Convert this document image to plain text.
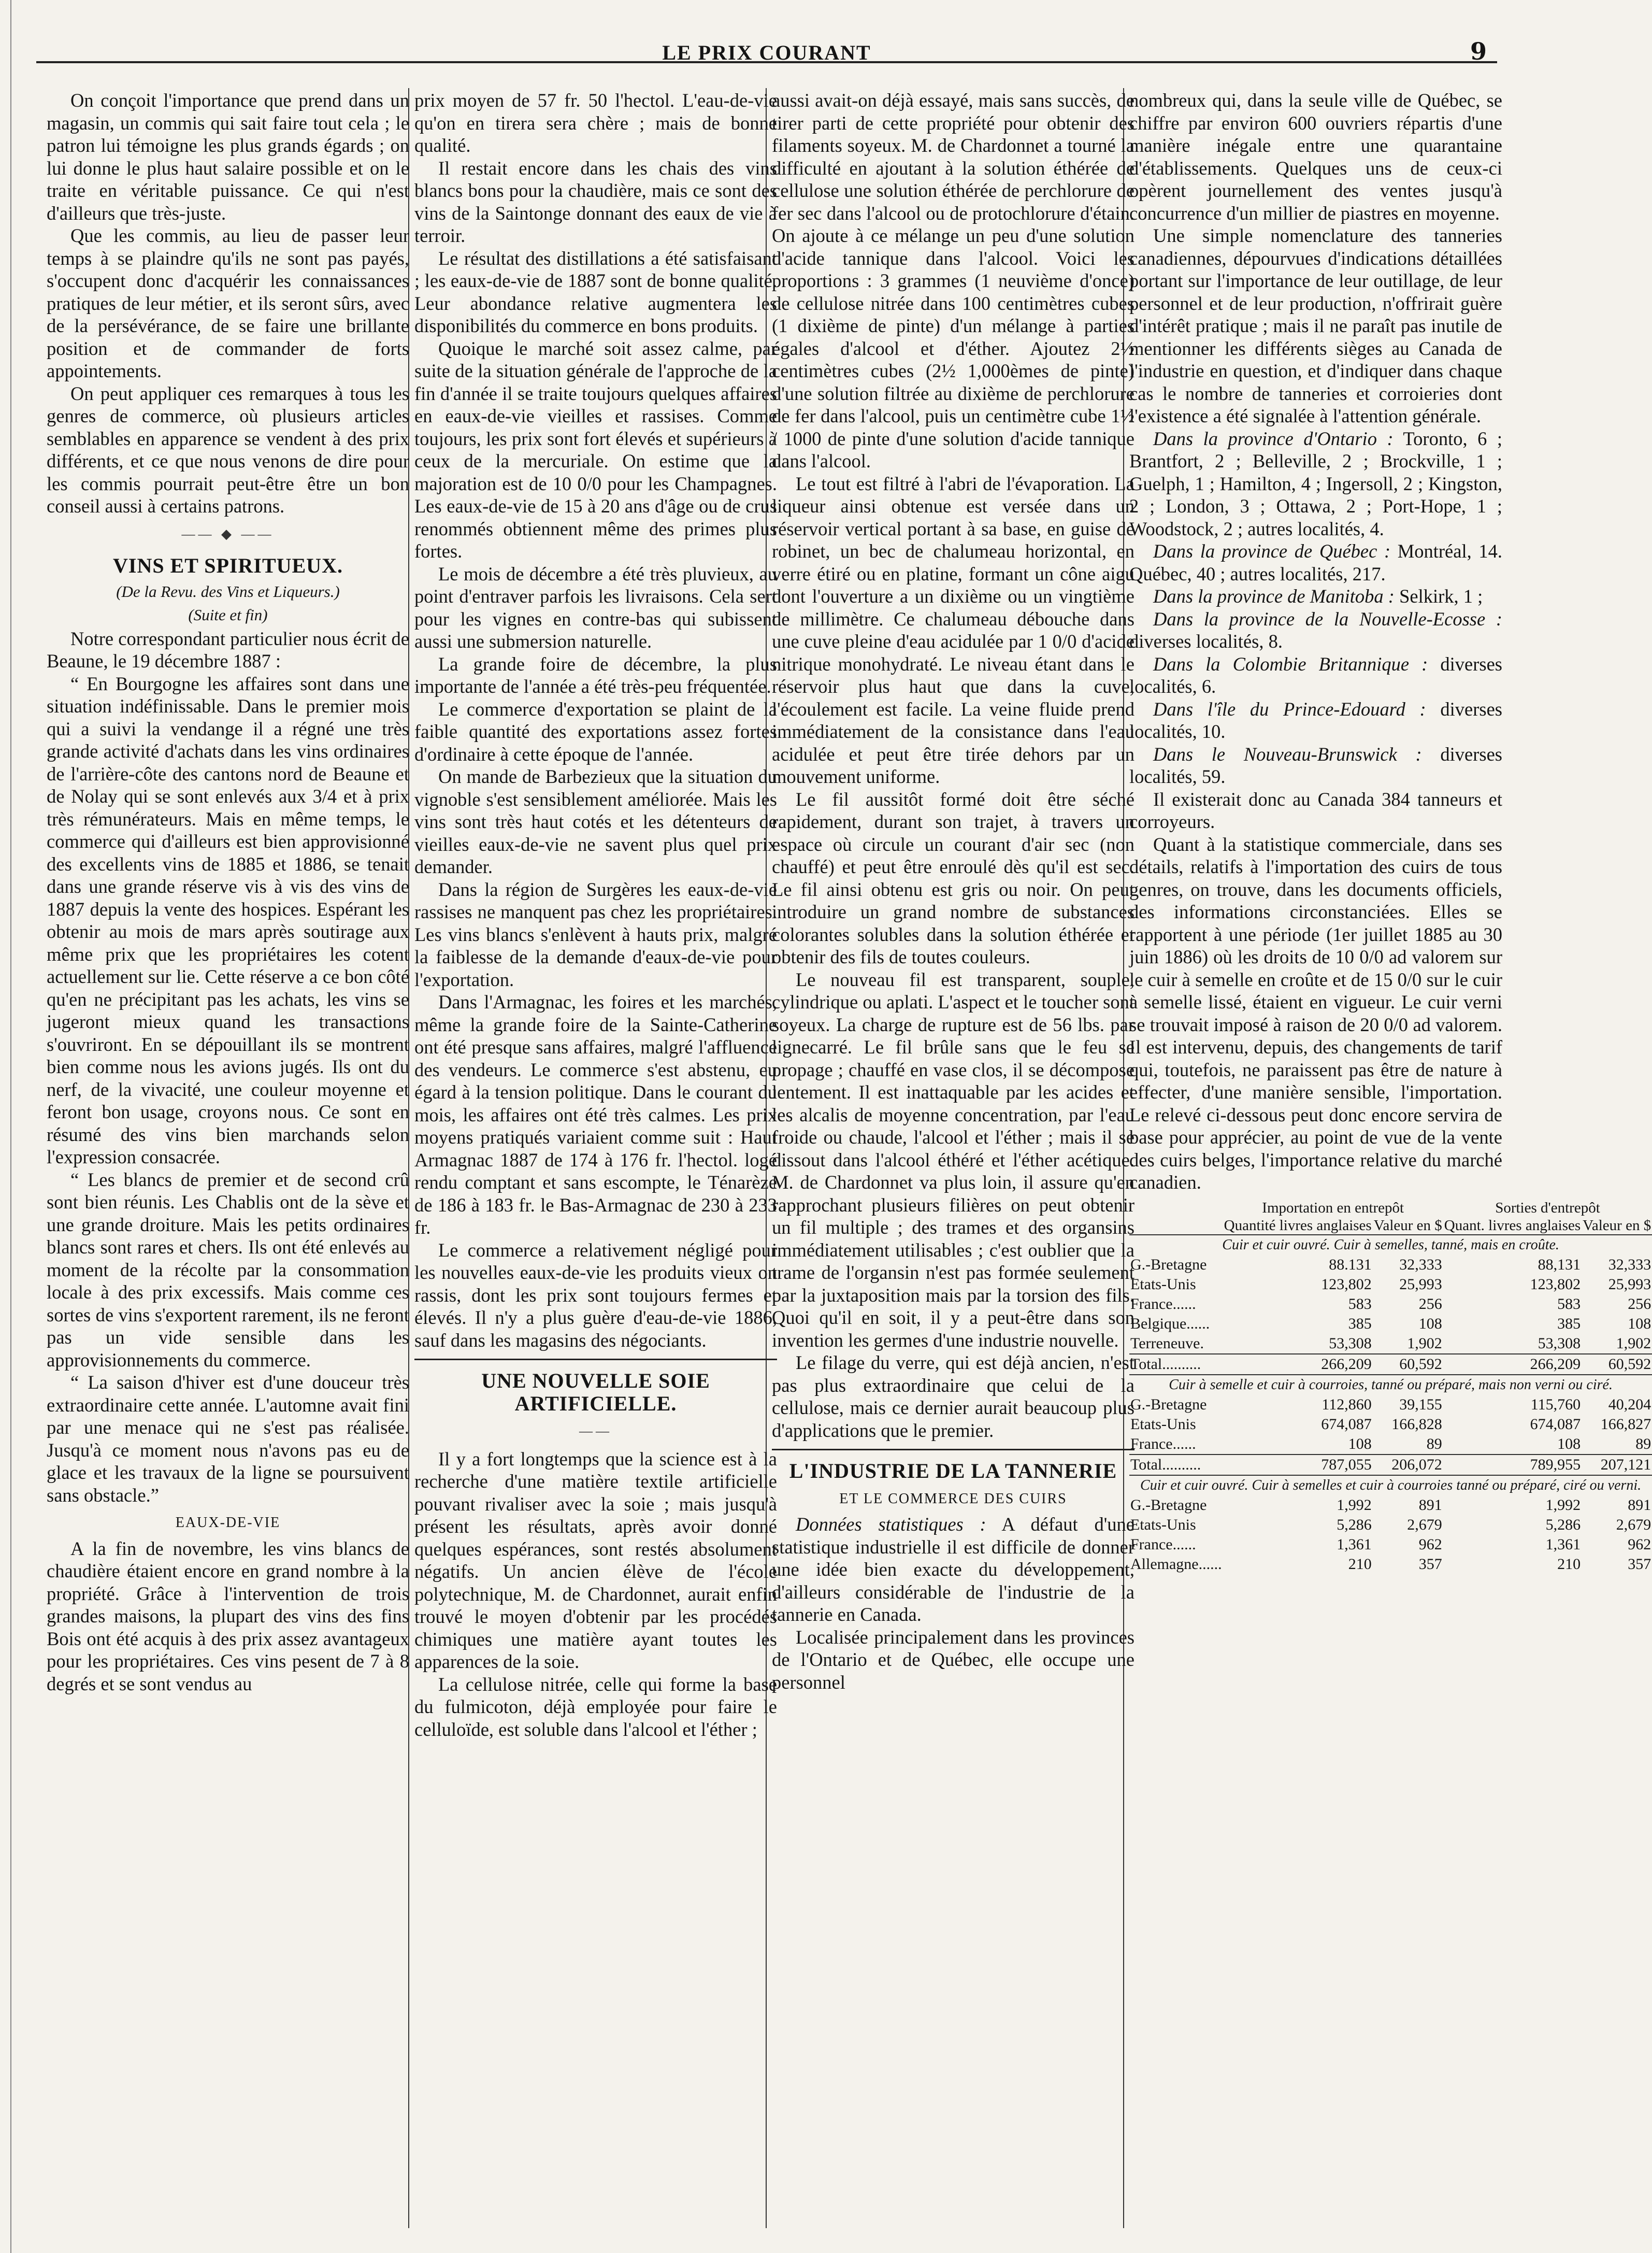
LE PRIX COURANT	9

On conçoit l'importance que prend dans un magasin, un commis qui sait faire tout cela ; le patron lui témoigne les plus grands égards ; on lui donne le plus haut salaire possible et on le traite en véritable puissance. Ce qui n'est d'ailleurs que très-juste.

Que les commis, au lieu de passer leur temps à se plaindre qu'ils ne sont pas payés, s'occupent donc d'acquérir les connaissances pratiques de leur métier, et ils seront sûrs, avec de la persévérance, de se faire une brillante position et de commander de forts appointements.

On peut appliquer ces remarques à tous les genres de commerce, où plusieurs articles semblables en apparence se vendent à des prix différents, et ce que nous venons de dire pour les commis pourrait peut-être être un bon conseil aussi à certains patrons.

—— ◆ ——
VINS ET SPIRITUEUX.
(De la Revu. des Vins et Liqueurs.)
(Suite et fin)

Notre correspondant particulier nous écrit de Beaune, le 19 décembre 1887 :

“ En Bourgogne les affaires sont dans une situation indéfinissable. Dans le premier mois qui a suivi la vendange il a régné une très grande activité d'achats dans les vins ordinaires de l'arrière-côte des cantons nord de Beaune et de Nolay qui se sont enlevés aux 3/4 et à prix très rémunérateurs. Mais en même temps, le commerce qui d'ailleurs est bien approvisionné des excellents vins de 1885 et 1886, se tenait dans une grande réserve vis à vis des vins de 1887 depuis la vente des hospices. Espérant les obtenir au mois de mars après soutirage aux même prix que les propriétaires les cotent actuellement sur lie. Cette réserve a ce bon côté qu'en ne précipitant pas les achats, les vins se jugeront mieux quand les transactions s'ouvriront. En se dépouillant ils se montrent bien comme nous les avions jugés. Ils ont du nerf, de la vivacité, une couleur moyenne et feront bon usage, croyons nous. Ce sont en résumé des vins bien marchands selon l'expression consacrée.

“ Les blancs de premier et de second crû sont bien réunis. Les Chablis ont de la sève et une grande droiture. Mais les petits ordinaires blancs sont rares et chers. Ils ont été enlevés au moment de la récolte par la consommation locale à des prix excessifs. Mais comme ces sortes de vins s'exportent rarement, ils ne feront pas un vide sensible dans les approvisionnements du commerce.

“ La saison d'hiver est d'une douceur très extraordinaire cette année. L'automne avait fini par une menace qui ne s'est pas réalisée. Jusqu'à ce moment nous n'avons pas eu de glace et les travaux de la ligne se poursuivent sans obstacle.”

EAUX-DE-VIE

A la fin de novembre, les vins blancs de chaudière étaient encore en grand nombre à la propriété. Grâce à l'intervention de trois grandes maisons, la plupart des vins des fins Bois ont été acquis à des prix assez avantageux pour les propriétaires. Ces vins pesent de 7 à 8 degrés et se sont vendus au

prix moyen de 57 fr. 50 l'hectol. L'eau-de-vie qu'on en tirera sera chère ; mais de bonne qualité.

Il restait encore dans les chais des vins blancs bons pour la chaudière, mais ce sont des vins de la Saintonge donnant des eaux de vie à terroir.

Le résultat des distillations a été satisfaisant ; les eaux-de-vie de 1887 sont de bonne qualité. Leur abondance relative augmentera les disponibilités du commerce en bons produits.

Quoique le marché soit assez calme, par suite de la situation générale de l'approche de la fin d'année il se traite toujours quelques affaires en eaux-de-vie vieilles et rassises. Comme toujours, les prix sont fort élevés et supérieurs à ceux de la mercuriale. On estime que la majoration est de 10 0/0 pour les Champagnes. Les eaux-de-vie de 15 à 20 ans d'âge ou de crus renommés obtiennent même des primes plus fortes.

Le mois de décembre a été très pluvieux, au point d'entraver parfois les livraisons. Cela sert pour les vignes en contre-bas qui subissent aussi une submersion naturelle.

La grande foire de décembre, la plus importante de l'année a été très-peu fréquentée.

Le commerce d'exportation se plaint de la faible quantité des exportations assez fortes d'ordinaire à cette époque de l'année.

On mande de Barbezieux que la situation du vignoble s'est sensiblement améliorée. Mais les vins sont très haut cotés et les détenteurs de vieilles eaux-de-vie ne savent plus quel prix demander.

Dans la région de Surgères les eaux-de-vie rassises ne manquent pas chez les propriétaires. Les vins blancs s'enlèvent à hauts prix, malgré la faiblesse de la demande d'eaux-de-vie pour l'exportation.

Dans l'Armagnac, les foires et les marchés, même la grande foire de la Sainte-Catherine ont été presque sans affaires, malgré l'affluence des vendeurs. Le commerce s'est abstenu, eu égard à la tension politique. Dans le courant du mois, les affaires ont été très calmes. Les prix moyens pratiqués variaient comme suit : Haut Armagnac 1887 de 174 à 176 fr. l'hectol. logé rendu comptant et sans escompte, le Ténarèze de 186 à 183 fr. le Bas-Armagnac de 230 à 233 fr.

Le commerce a relativement négligé pour les nouvelles eaux-de-vie les produits vieux on rassis, dont les prix sont toujours fermes et élevés. Il n'y a plus guère d'eau-de-vie 1886, sauf dans les magasins des négociants.

UNE NOUVELLE SOIE ARTIFICIELLE.
——

Il y a fort longtemps que la science est à la recherche d'une matière textile artificielle pouvant rivaliser avec la soie ; mais jusqu'à présent les résultats, après avoir donné quelques espérances, sont restés absolument négatifs. Un ancien élève de l'école polytechnique, M. de Chardonnet, aurait enfin trouvé le moyen d'obtenir par les procédés chimiques une matière ayant toutes les apparences de la soie.

La cellulose nitrée, celle qui forme la base du fulmicoton, déjà employée pour faire le celluloïde, est soluble dans l'alcool et l'éther ;

aussi avait-on déjà essayé, mais sans succès, de tirer parti de cette propriété pour obtenir des filaments soyeux. M. de Chardonnet a tourné la difficulté en ajoutant à la solution éthérée de cellulose une solution éthérée de perchlorure de fer sec dans l'alcool ou de protochlorure d'étain. On ajoute à ce mélange un peu d'une solution d'acide tannique dans l'alcool. Voici les proportions : 3 grammes (1 neuvième d'once) de cellulose nitrée dans 100 centimètres cubes (1 dixième de pinte) d'un mélange à parties égales d'alcool et d'éther. Ajoutez 2½ centimètres cubes (2½ 1,000èmes de pinte) d'une solution filtrée au dixième de perchlorure de fer dans l'alcool, puis un centimètre cube 1½ / 1000 de pinte d'une solution d'acide tannique dans l'alcool.

Le tout est filtré à l'abri de l'évaporation. La liqueur ainsi obtenue est versée dans un réservoir vertical portant à sa base, en guise de robinet, un bec de chalumeau horizontal, en verre étiré ou en platine, formant un cône aigu dont l'ouverture a un dixième ou un vingtième de millimètre. Ce chalumeau débouche dans une cuve pleine d'eau acidulée par 1 0/0 d'acide nitrique monohydraté. Le niveau étant dans le réservoir plus haut que dans la cuve, l'écoulement est facile. La veine fluide prend immédiatement de la consistance dans l'eau acidulée et peut être tirée dehors par un mouvement uniforme.

Le fil aussitôt formé doit être séché rapidement, durant son trajet, à travers un espace où circule un courant d'air sec (non chauffé) et peut être enroulé dès qu'il est sec. Le fil ainsi obtenu est gris ou noir. On peut introduire un grand nombre de substances colorantes solubles dans la solution éthérée et obtenir des fils de toutes couleurs.

Le nouveau fil est transparent, souple, cylindrique ou aplati. L'aspect et le toucher sont soyeux. La charge de rupture est de 56 lbs. par lignecarré. Le fil brûle sans que le feu se propage ; chauffé en vase clos, il se décompose lentement. Il est inattaquable par les acides et les alcalis de moyenne concentration, par l'eau froide ou chaude, l'alcool et l'éther ; mais il se dissout dans l'alcool éthéré et l'éther acétique. M. de Chardonnet va plus loin, il assure qu'en rapprochant plusieurs filières on peut obtenir un fil multiple ; des trames et des organsins immédiatement utilisables ; c'est oublier que la trame de l'organsin n'est pas formée seulement par la juxtaposition mais par la torsion des fils. Quoi qu'il en soit, il y a peut-être dans son invention les germes d'une industrie nouvelle.

Le filage du verre, qui est déjà ancien, n'est pas plus extraordinaire que celui de la cellulose, mais ce dernier aurait beaucoup plus d'applications que le premier.

L'INDUSTRIE DE LA TANNERIE
ET LE COMMERCE DES CUIRS

Données statistiques : A défaut d'une statistique industrielle il est difficile de donner une idée bien exacte du développement, d'ailleurs considérable de l'industrie de la tannerie en Canada.

Localisée principalement dans les provinces de l'Ontario et de Québec, elle occupe une personnel

nombreux qui, dans la seule ville de Québec, se chiffre par environ 600 ouvriers répartis d'une manière inégale entre une quarantaine d'établissements. Quelques uns de ceux-ci opèrent journellement des ventes jusqu'à concurrence d'un millier de piastres en moyenne.

Une simple nomenclature des tanneries canadiennes, dépourvues d'indications détaillées portant sur l'importance de leur outillage, de leur personnel et de leur production, n'offrirait guère d'intérêt pratique ; mais il ne paraît pas inutile de mentionner les différents sièges au Canada de l'industrie en question, et d'indiquer dans chaque cas le nombre de tanneries et corroieries dont l'existence a été signalée à l'attention générale.

Dans la province d'Ontario : Toronto, 6 ; Brantfort, 2 ; Belleville, 2 ; Brockville, 1 ; Guelph, 1 ; Hamilton, 4 ; Ingersoll, 2 ; Kingston, 2 ; London, 3 ; Ottawa, 2 ; Port-Hope, 1 ; Woodstock, 2 ; autres localités, 4.

Dans la province de Québec : Montréal, 14. Québec, 40 ; autres localités, 217.

Dans la province de Manitoba : Selkirk, 1 ;

Dans la province de la Nouvelle-Ecosse : diverses localités, 8.

Dans la Colombie Britannique : diverses localités, 6.

Dans l'île du Prince-Edouard : diverses localités, 10.

Dans le Nouveau-Brunswick : diverses localités, 59.

Il existerait donc au Canada 384 tanneurs et corroyeurs.

Quant à la statistique commerciale, dans ses détails, relatifs à l'importation des cuirs de tous genres, on trouve, dans les documents officiels, des informations circonstanciées. Elles se rapportent à une période (1er juillet 1885 au 30 juin 1886) où les droits de 10 0/0 ad valorem sur le cuir à semelle en croûte et de 15 0/0 sur le cuir à semelle lissé, étaient en vigueur. Le cuir verni se trouvait imposé à raison de 20 0/0 ad valorem. Il est intervenu, depuis, des changements de tarif qui, toutefois, ne paraissent pas être de nature à effecter, d'une manière sensible, l'importation. Le relevé ci-dessous peut donc encore servira de base pour apprécier, au point de vue de la vente des cuirs belges, l'importance relative du marché canadien.

	Importation en entrepôt		Sorties d'entrepôt	
	Quantité livres anglaises	Valeur en $	Quant. livres anglaises	Valeur en $
Cuir et cuir ouvré. Cuir à semelles, tanné, mais en croûte.				
G.-Bretagne	88.131	32,333	88,131	32,333
Etats-Unis	123,802	25,993	123,802	25,993
France......	583	256	583	256
Belgique......	385	108	385	108
Terreneuve.	53,308	1,902	53,308	1,902
Total..........	266,209	60,592	266,209	60,592
Cuir à semelle et cuir à courroies, tanné ou préparé, mais non verni ou ciré.				
G.-Bretagne	112,860	39,155	115,760	40,204
Etats-Unis	674,087	166,828	674,087	166,827
France......	108	89	108	89
Total..........	787,055	206,072	789,955	207,121
Cuir et cuir ouvré. Cuir à semelles et cuir à courroies tanné ou préparé, ciré ou verni.				
G.-Bretagne	1,992	891	1,992	891
Etats-Unis	5,286	2,679	5,286	2,679
France......	1,361	962	1,361	962
Allemagne......	210	357	210	357
